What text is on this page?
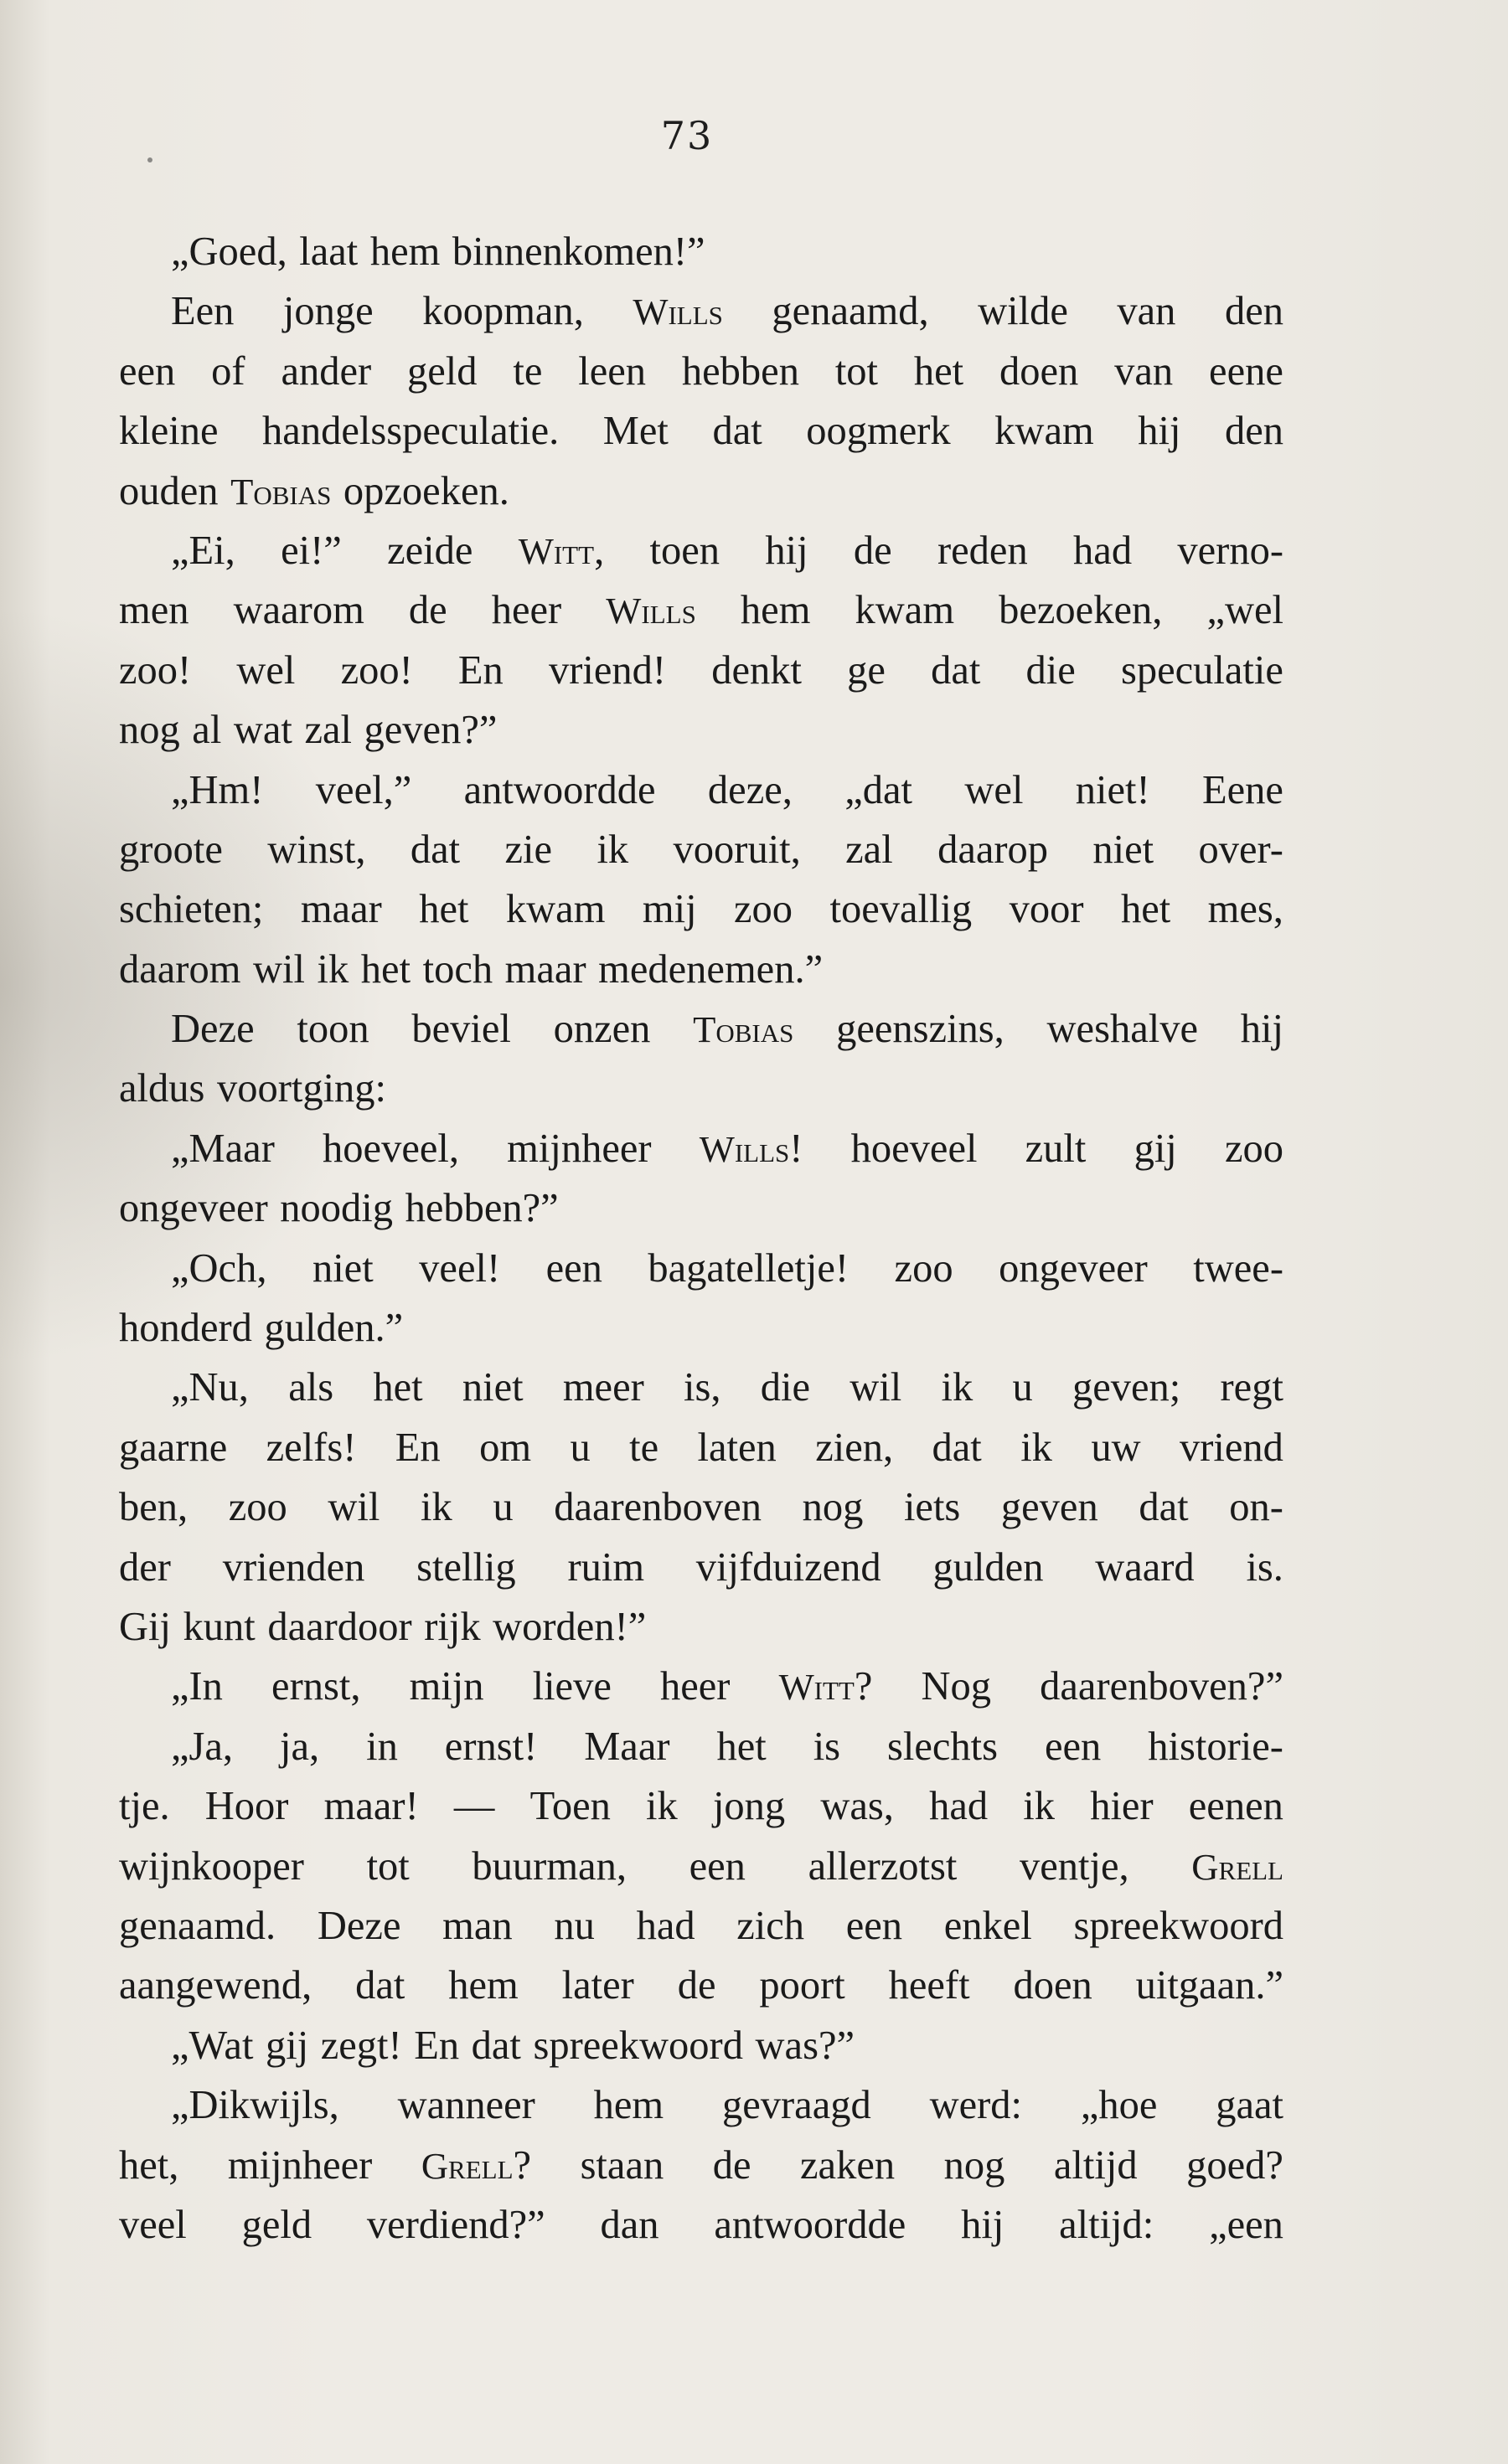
73
„Goed, laat hem binnenkomen!”
Een jonge koopman, Wills genaamd, wilde van den
een of ander geld te leen hebben tot het doen van eene
kleine handelsspeculatie. Met dat oogmerk kwam hij den
ouden Tobias opzoeken.
„Ei, ei!” zeide Witt, toen hij de reden had verno-
men waarom de heer Wills hem kwam bezoeken, „wel
zoo! wel zoo! En vriend! denkt ge dat die speculatie
nog al wat zal geven?”
„Hm! veel,” antwoordde deze, „dat wel niet! Eene
groote winst, dat zie ik vooruit, zal daarop niet over-
schieten; maar het kwam mij zoo toevallig voor het mes,
daarom wil ik het toch maar medenemen.”
Deze toon beviel onzen Tobias geenszins, weshalve hij
aldus voortging:
„Maar hoeveel, mijnheer Wills! hoeveel zult gij zoo
ongeveer noodig hebben?”
„Och, niet veel! een bagatelletje! zoo ongeveer twee-
honderd gulden.”
„Nu, als het niet meer is, die wil ik u geven; regt
gaarne zelfs! En om u te laten zien, dat ik uw vriend
ben, zoo wil ik u daarenboven nog iets geven dat on-
der vrienden stellig ruim vijfduizend gulden waard is.
Gij kunt daardoor rijk worden!”
„In ernst, mijn lieve heer Witt? Nog daarenboven?”
„Ja, ja, in ernst! Maar het is slechts een historie-
tje. Hoor maar! — Toen ik jong was, had ik hier eenen
wijnkooper tot buurman, een allerzotst ventje, Grell
genaamd. Deze man nu had zich een enkel spreekwoord
aangewend, dat hem later de poort heeft doen uitgaan.”
„Wat gij zegt! En dat spreekwoord was?”
„Dikwijls, wanneer hem gevraagd werd: „hoe gaat
het, mijnheer Grell? staan de zaken nog altijd goed?
veel geld verdiend?” dan antwoordde hij altijd: „een
